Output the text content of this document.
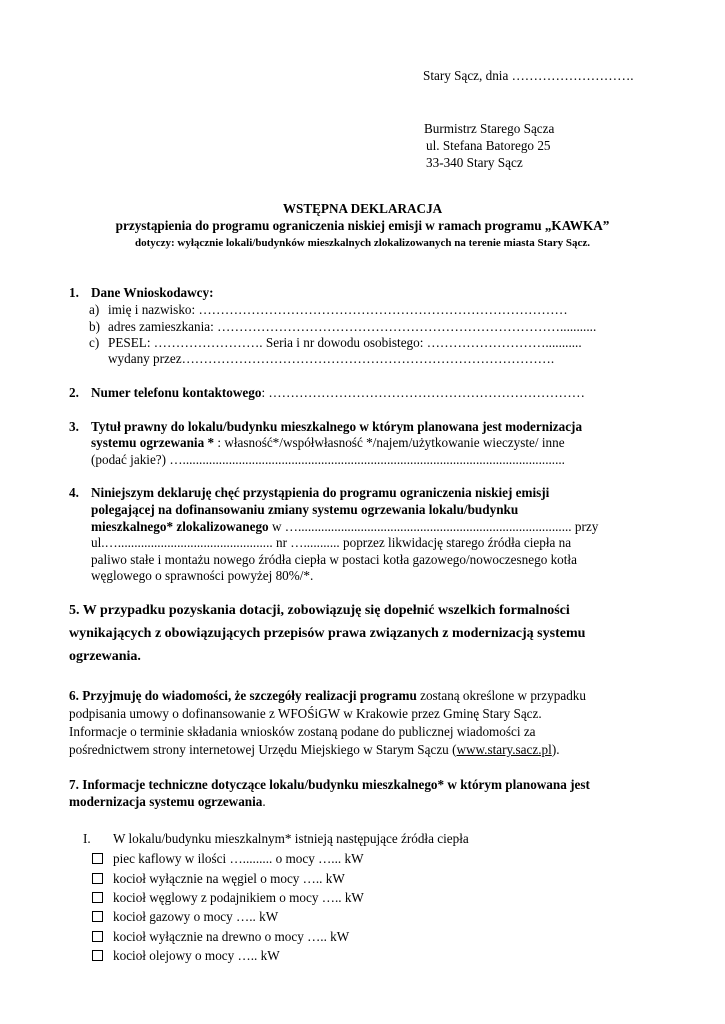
Stary Sącz, dnia ……………………….
Burmistrz Starego Sącza
ul. Stefana Batorego 25
33-340 Stary Sącz
WSTĘPNA DEKLARACJA
przystąpienia do programu ograniczenia niskiej emisji w ramach programu „KAWKA”
dotyczy: wyłącznie lokali/budynków mieszkalnych zlokalizowanych na terenie miasta Stary Sącz.
1. Dane Wnioskodawcy:
a) imię i nazwisko: …………………………………………………………………………
b) adres zamieszkania: ……………………………………………………………………...........
c) PESEL: ……………………. Seria i nr dowodu osobistego: ………………………...........
wydany przez………………………………………………………………………….
2. Numer telefonu kontaktowego: ………………………………………………………………
3. Tytuł prawny do lokalu/budynku mieszkalnego w którym planowana jest modernizacja
systemu ogrzewania * : własność*/współwłasność */najem/użytkowanie wieczyste/ inne
(podać jakie?) …....................................................................................................................
4. Niniejszym deklaruję chęć przystąpienia do programu ograniczenia niskiej emisji
polegającej na dofinansowaniu zmiany systemu ogrzewania lokalu/budynku
mieszkalnego* zlokalizowanego w …................................................................................... przy
ul.…............................................... nr …........... poprzez likwidację starego źródła ciepła na
paliwo stałe i montażu nowego źródła ciepła w postaci kotła gazowego/nowoczesnego kotła
węglowego o sprawności powyżej 80%/*.
5. W przypadku pozyskania dotacji, zobowiązuję się dopełnić wszelkich formalności
wynikających z obowiązujących przepisów prawa związanych z modernizacją systemu
ogrzewania.
6. Przyjmuję do wiadomości, że szczegóły realizacji programu zostaną określone w przypadku
podpisania umowy o dofinansowanie z WFOŚiGW w Krakowie przez Gminę Stary Sącz.
Informacje o terminie składania wniosków zostaną podane do publicznej wiadomości za
pośrednictwem strony internetowej Urzędu Miejskiego w Starym Sączu (www.stary.sacz.pl).
7. Informacje techniczne dotyczące lokalu/budynku mieszkalnego* w którym planowana jest
modernizacja systemu ogrzewania.
I. W lokalu/budynku mieszkalnym* istnieją następujące źródła ciepła
piec kaflowy w ilości …......... o mocy …... kW
kocioł wyłącznie na węgiel o mocy ….. kW
kocioł węglowy z podajnikiem o mocy ….. kW
kocioł gazowy o mocy ….. kW
kocioł wyłącznie na drewno o mocy ….. kW
kocioł olejowy o mocy ….. kW
